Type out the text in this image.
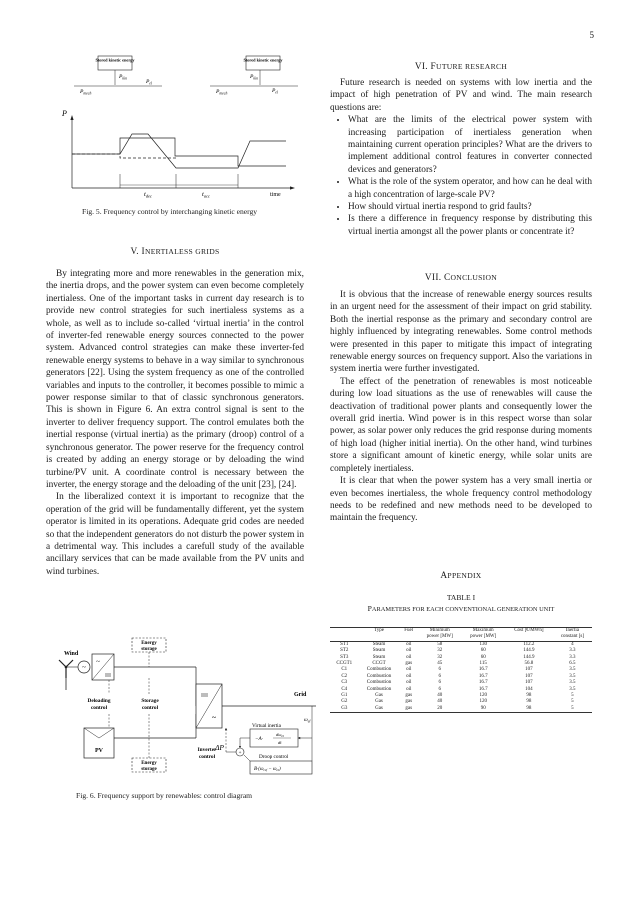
5
Stored kinetic energy
$P_{kin}$
$P_{mech}$
$P_{el}$
Stored kinetic energy
$P_{kin}$
$P_{mech}$	$P_{el}$
P
$t_{dec}$	$t_{acc}$	time
Fig. 5. Frequency control by interchanging kinetic energy
V. INERTIALESS GRIDS

By integrating more and more renewables in the generation mix, the inertia drops, and the power system can even become completely inertialess. One of the important tasks in current day research is to provide new control strategies for such inertialess systems as a whole, as well as to include so-called ‘virtual inertia’ in the control of inverter-fed renewable energy sources connected to the power system. Advanced control strategies can make these inverter-fed renewable energy systems to behave in a way similar to synchronous generators [22]. Using the system frequency as one of the controlled variables and inputs to the controller, it becomes possible to mimic a power response similar to that of classic synchronous generators. This is shown in Figure 6. An extra control signal is sent to the inverter to deliver frequency support. The control emulates both the inertial response (virtual inertia) as the primary (droop) control of a synchronous generator. The power reserve for the frequency control is created by adding an energy storage or by deloading the wind turbine/PV unit. A coordinate control is necessary between the inverter, the energy storage and the deloading of the unit [23], [24].

In the liberalized context it is important to recognize that the operation of the grid will be fundamentally different, yet the system operator is limited in its operations. Adequate grid codes are needed so that the independent generators do not disturb the power system in a detrimental way. This includes a carefull study of the available ancillary services that can be made available from the PV units and wind turbines.

Wind
~
~
Energy
storage
Deloading
control
Storage
control
PV
Energy
storage
~
Grid
$\omega_{el}$
Virtual inertia
−A·
$d\omega_{el}$
dt
+
ΔP
Inverter
control	Droop control
$B\cdot(\omega_{ref} - \omega_{el})$
Fig. 6. Frequency support by renewables: control diagram
VI. FUTURE RESEARCH

Future research is needed on systems with low inertia and the impact of high penetration of PV and wind. The main research questions are:

• What are the limits of the electrical power system with increasing participation of inertialess generation when maintaining current operation principles? What are the drivers to implement additional control features in converter connected devices and generators?
• What is the role of the system operator, and how can he deal with a high concentration of large-scale PV?
• How should virtual inertia respond to grid faults?
• Is there a difference in frequency response by distributing this virtual inertia amongst all the power plants or concentrate it?
VII. CONCLUSION

It is obvious that the increase of renewable energy sources results in an urgent need for the assessment of their impact on grid stability. Both the inertial response as the primary and secondary control are highly influenced by integrating renewables. Some control methods were presented in this paper to mitigate this impact of integrating renewable energy sources on frequency support. Also the variations in system inertia were further investigated.

The effect of the penetration of renewables is most noticeable during low load situations as the use of renewables will cause the deactivation of traditional power plants and consequently lower the overall grid inertia. Wind power is in this respect worse than solar power, as solar power only reduces the grid response during moments of high load (higher initial inertia). On the other hand, wind turbines store a significant amount of kinetic energy, while solar units are completely inertialess.

It is clear that when the power system has a very small inertia or even becomes inertialess, the whole frequency control methodology needs to be redefined and new methods need to be developed to maintain the frequency.

APPENDIX
TABLE I
PARAMETERS FOR EACH CONVENTIONAL GENERATION UNIT
	Type	Fuel	Minimum	Maximum	Cost [€/MWh]	Inertia
			power [MW]	power [MW]		constant [s]
ST1	Steam	oil	58	130	112.2	4
ST2	Steam	oil	32	60	144.9	3.3
ST3	Steam	oil	32	60	144.9	3.3
CCGT1	CCGT	gas	45	115	56.8	6.5
C1	Combustion	oil	6	16.7	107	3.5
C2	Combustion	oil	6	16.7	107	3.5
C3	Combustion	oil	6	16.7	107	3.5
C4	Combustion	oil	6	16.7	104	3.5
G1	Gas	gas	40	120	98	5
G2	Gas	gas	40	120	98	5
G3	Gas	gas	20	90	98	5
